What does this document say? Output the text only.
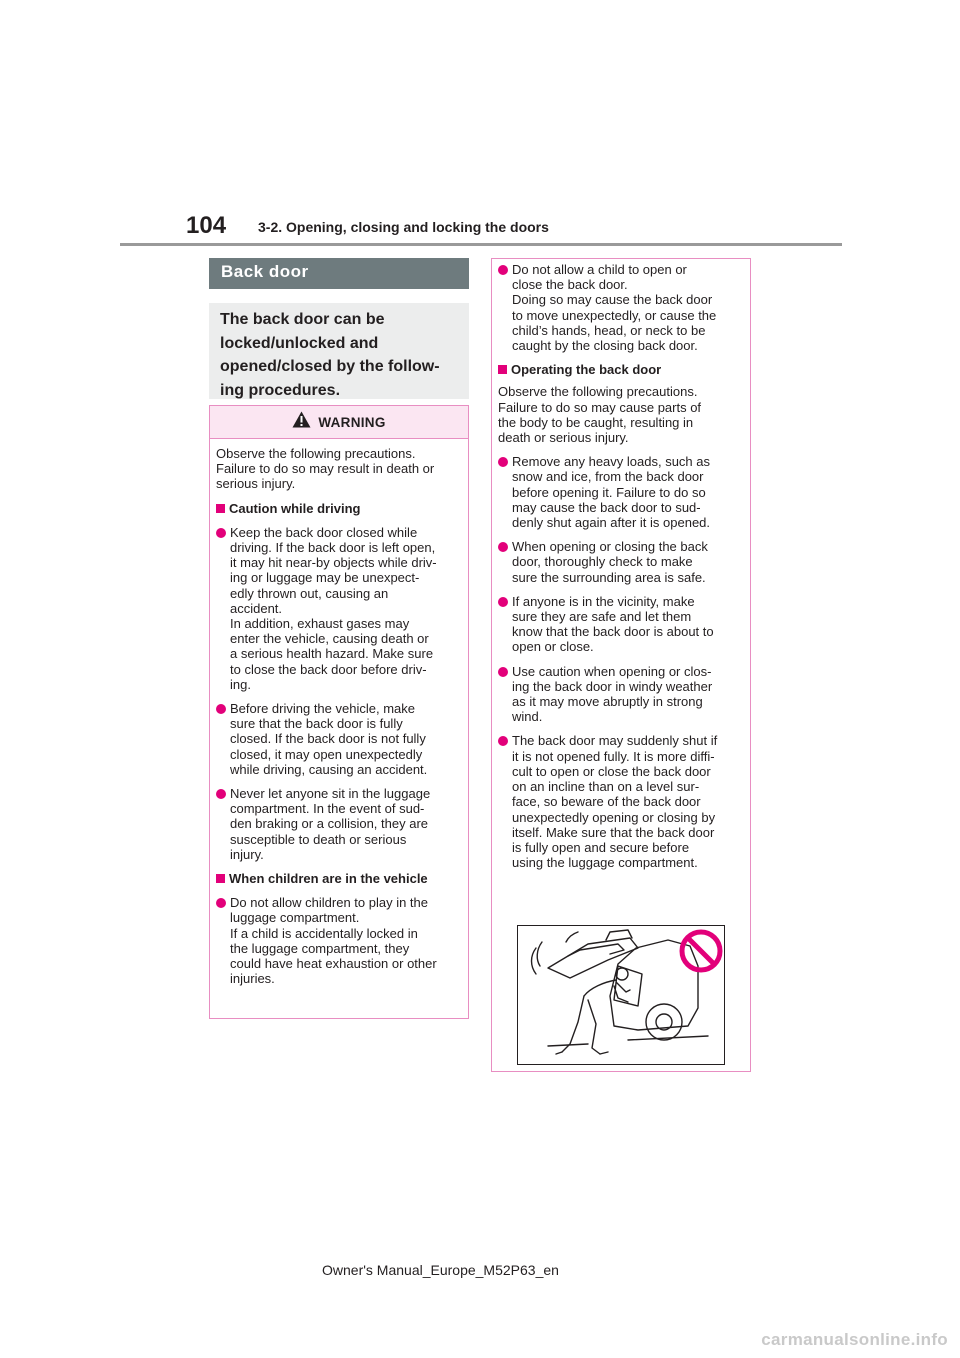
104 3-2. Opening, closing and locking the doors
Back door
The back door can be
locked/unlocked and
opened/closed by the follow-
ing procedures.
WARNING

Observe the following precautions.
Failure to do so may result in death or
serious injury.

Caution while driving

Keep the back door closed while
driving. If the back door is left open,
it may hit near-by objects while driv-
ing or luggage may be unexpect-
edly thrown out, causing an
accident.
In addition, exhaust gases may
enter the vehicle, causing death or
a serious health hazard. Make sure
to close the back door before driv-
ing.
Before driving the vehicle, make
sure that the back door is fully
closed. If the back door is not fully
closed, it may open unexpectedly
while driving, causing an accident.
Never let anyone sit in the luggage
compartment. In the event of sud-
den braking or a collision, they are
susceptible to death or serious
injury.

When children are in the vehicle

Do not allow children to play in the
luggage compartment.
If a child is accidentally locked in
the luggage compartment, they
could have heat exhaustion or other
injuries.
Do not allow a child to open or
close the back door.
Doing so may cause the back door
to move unexpectedly, or cause the
child’s hands, head, or neck to be
caught by the closing back door.

Operating the back door

Observe the following precautions.
Failure to do so may cause parts of
the body to be caught, resulting in
death or serious injury.

Remove any heavy loads, such as
snow and ice, from the back door
before opening it. Failure to do so
may cause the back door to sud-
denly shut again after it is opened.
When opening or closing the back
door, thoroughly check to make
sure the surrounding area is safe.
If anyone is in the vicinity, make
sure they are safe and let them
know that the back door is about to
open or close.
Use caution when opening or clos-
ing the back door in windy weather
as it may move abruptly in strong
wind.
The back door may suddenly shut if
it is not opened fully. It is more diffi-
cult to open or close the back door
on an incline than on a level sur-
face, so beware of the back door
unexpectedly opening or closing by
itself. Make sure that the back door
is fully open and secure before
using the luggage compartment.
Owner's Manual_Europe_M52P63_en
carmanualsonline.info
